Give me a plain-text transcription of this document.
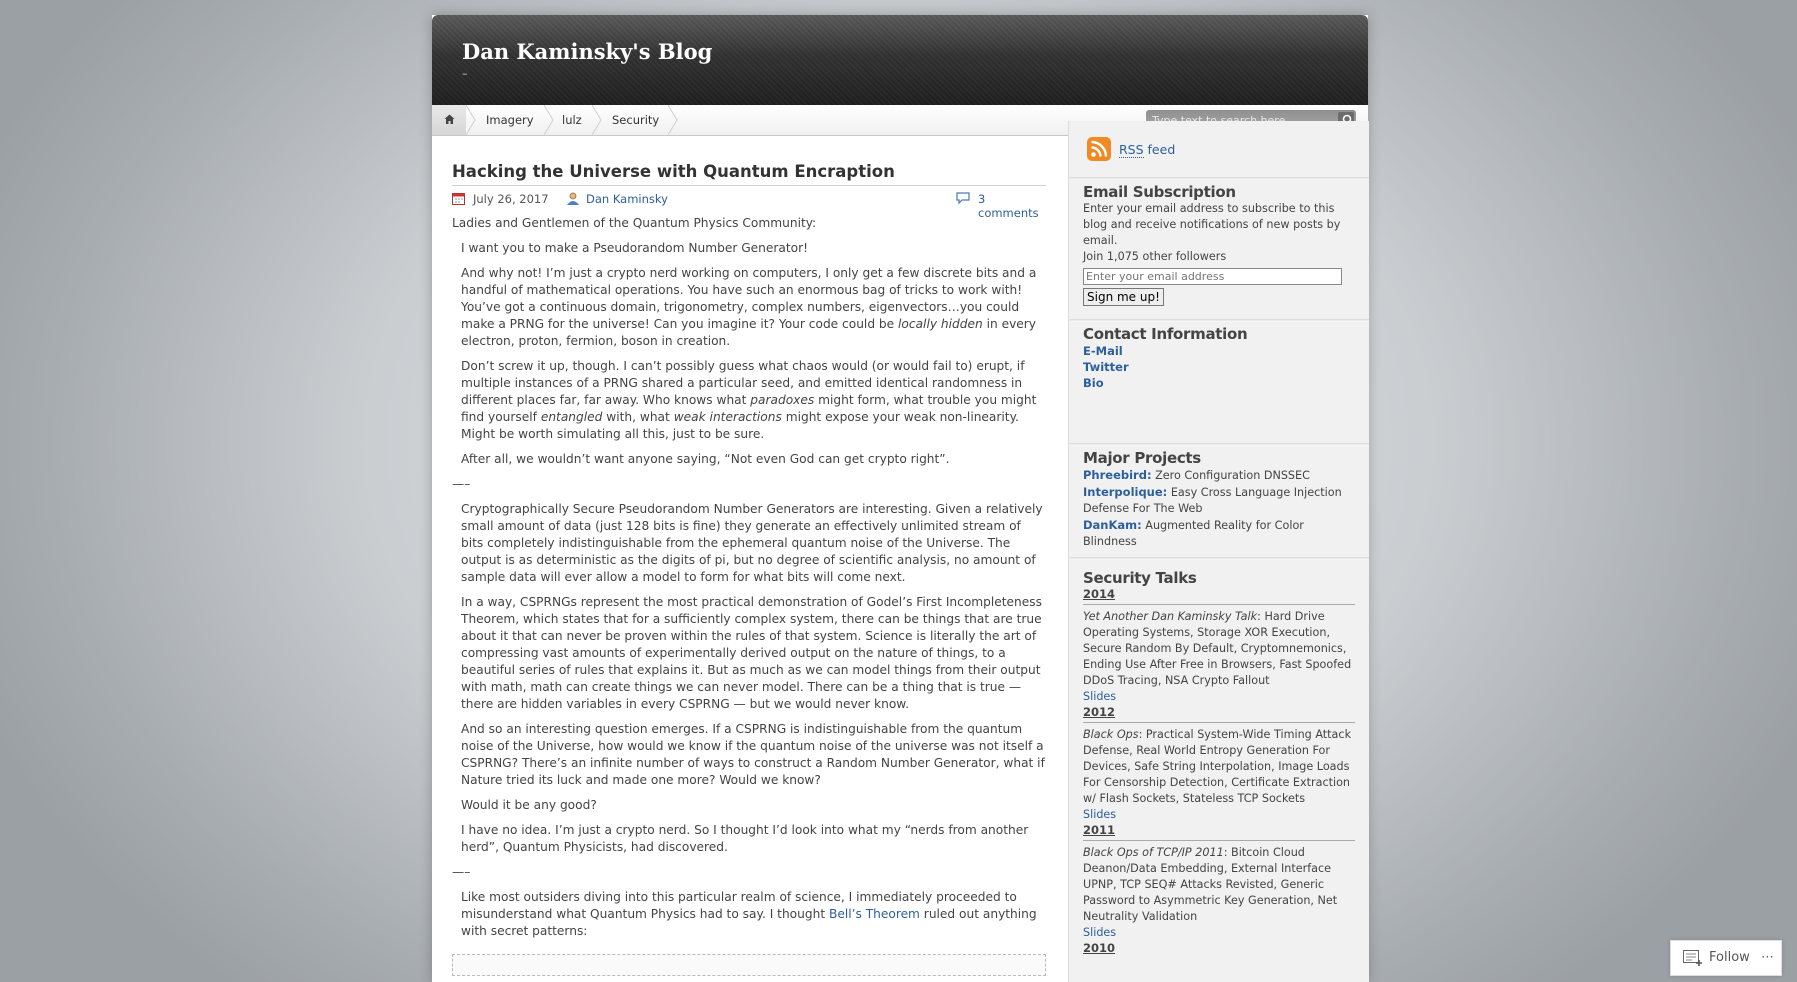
Dan Kaminsky's Blog
–
Imagery lulz	Security
Type text to search here...
Hacking the Universe with Quantum Encraption
July 26, 2017	Dan Kaminsky	3 comments

Ladies and Gentlemen of the Quantum Physics Community:

I want you to make a Pseudorandom Number Generator!

And why not! I’m just a crypto nerd working on computers, I only get a few discrete bits and a handful of mathematical operations. You have such an enormous bag of tricks to work with! You’ve got a continuous domain, trigonometry, complex numbers, eigenvectors…you could make a PRNG for the universe! Can you imagine it? Your code could be locally hidden in every electron, proton, fermion, boson in creation.

Don’t screw it up, though. I can’t possibly guess what chaos would (or would fail to) erupt, if multiple instances of a PRNG shared a particular seed, and emitted identical randomness in different places far, far away. Who knows what paradoxes might form, what trouble you might find yourself entangled with, what weak interactions might expose your weak non-linearity. Might be worth simulating all this, just to be sure.

After all, we wouldn’t want anyone saying, “Not even God can get crypto right”.

—–

Cryptographically Secure Pseudorandom Number Generators are interesting. Given a relatively small amount of data (just 128 bits is fine) they generate an effectively unlimited stream of bits completely indistinguishable from the ephemeral quantum noise of the Universe. The output is as deterministic as the digits of pi, but no degree of scientific analysis, no amount of sample data will ever allow a model to form for what bits will come next.

In a way, CSPRNGs represent the most practical demonstration of Godel’s First Incompleteness Theorem, which states that for a sufficiently complex system, there can be things that are true about it that can never be proven within the rules of that system. Science is literally the art of compressing vast amounts of experimentally derived output on the nature of things, to a beautiful series of rules that explains it. But as much as we can model things from their output with math, math can create things we can never model. There can be a thing that is true — there are hidden variables in every CSPRNG — but we would never know.

And so an interesting question emerges. If a CSPRNG is indistinguishable from the quantum noise of the Universe, how would we know if the quantum noise of the universe was not itself a CSPRNG? There’s an infinite number of ways to construct a Random Number Generator, what if Nature tried its luck and made one more? Would we know?

Would it be any good?

I have no idea. I’m just a crypto nerd. So I thought I’d look into what my “nerds from another herd”, Quantum Physicists, had discovered.

—–

Like most outsiders diving into this particular realm of science, I immediately proceeded to misunderstand what Quantum Physics had to say. I thought Bell’s Theorem ruled out anything with secret patterns:

RSS feed
Email Subscription
Enter your email address to subscribe to this blog and receive notifications of new posts by email.
Join 1,075 other followers
Enter your email address
Sign me up!
Contact Information
E-Mail
Twitter
Bio
Major Projects
Phreebird: Zero Configuration DNSSEC
Interpolique: Easy Cross Language Injection Defense For The Web
DanKam: Augmented Reality for Color Blindness
Security Talks
2014
Yet Another Dan Kaminsky Talk: Hard Drive Operating Systems, Storage XOR Execution, Secure Random By Default, Cryptomnemonics, Ending Use After Free in Browsers, Fast Spoofed DDoS Tracing, NSA Crypto Fallout
Slides
2012
Black Ops: Practical System-Wide Timing Attack Defense, Real World Entropy Generation For Devices, Safe String Interpolation, Image Loads For Censorship Detection, Certificate Extraction w/ Flash Sockets, Stateless TCP Sockets
Slides
2011
Black Ops of TCP/IP 2011: Bitcoin Cloud Deanon/Data Embedding, External Interface UPNP, TCP SEQ# Attacks Revisted, Generic Password to Asymmetric Key Generation, Net Neutrality Validation
Slides
2010
Follow ⋯
